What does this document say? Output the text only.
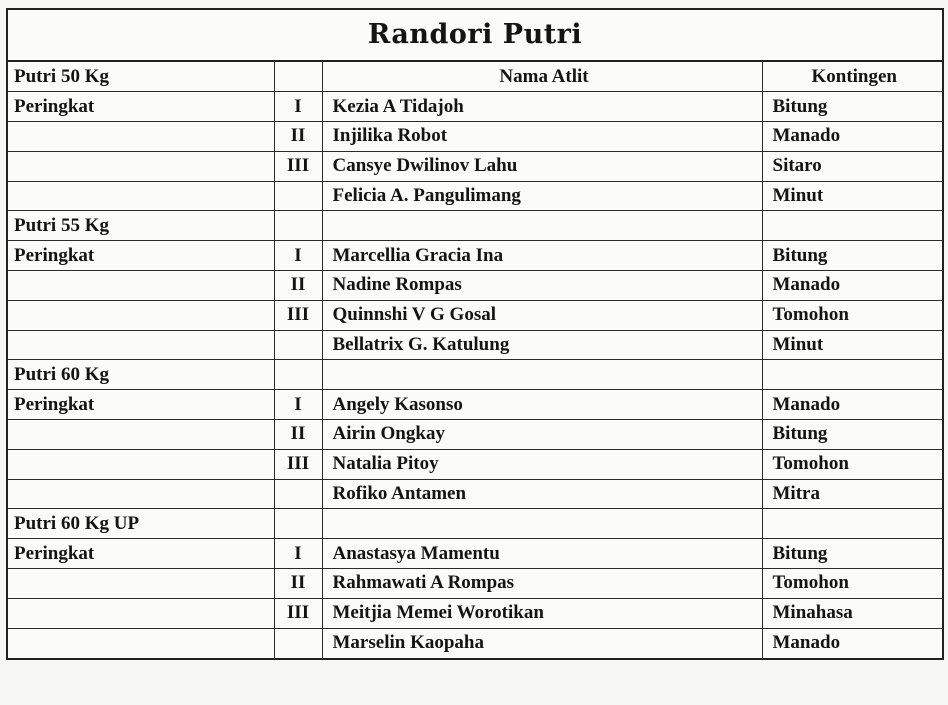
Randori Putri
Putri 50 Kg		Nama Atlit	Kontingen
Peringkat	I	Kezia A Tidajoh	Bitung
	II	Injilika Robot	Manado
	III	Cansye Dwilinov Lahu	Sitaro
		Felicia A. Pangulimang	Minut
Putri 55 Kg			
Peringkat	I	Marcellia Gracia Ina	Bitung
	II	Nadine Rompas	Manado
	III	Quinnshi V G Gosal	Tomohon
		Bellatrix G. Katulung	Minut
Putri 60 Kg			
Peringkat	I	Angely Kasonso	Manado
	II	Airin Ongkay	Bitung
	III	Natalia Pitoy	Tomohon
		Rofiko Antamen	Mitra
Putri 60 Kg UP			
Peringkat	I	Anastasya Mamentu	Bitung
	II	Rahmawati A Rompas	Tomohon
	III	Meitjia Memei Worotikan	Minahasa
		Marselin Kaopaha	Manado
